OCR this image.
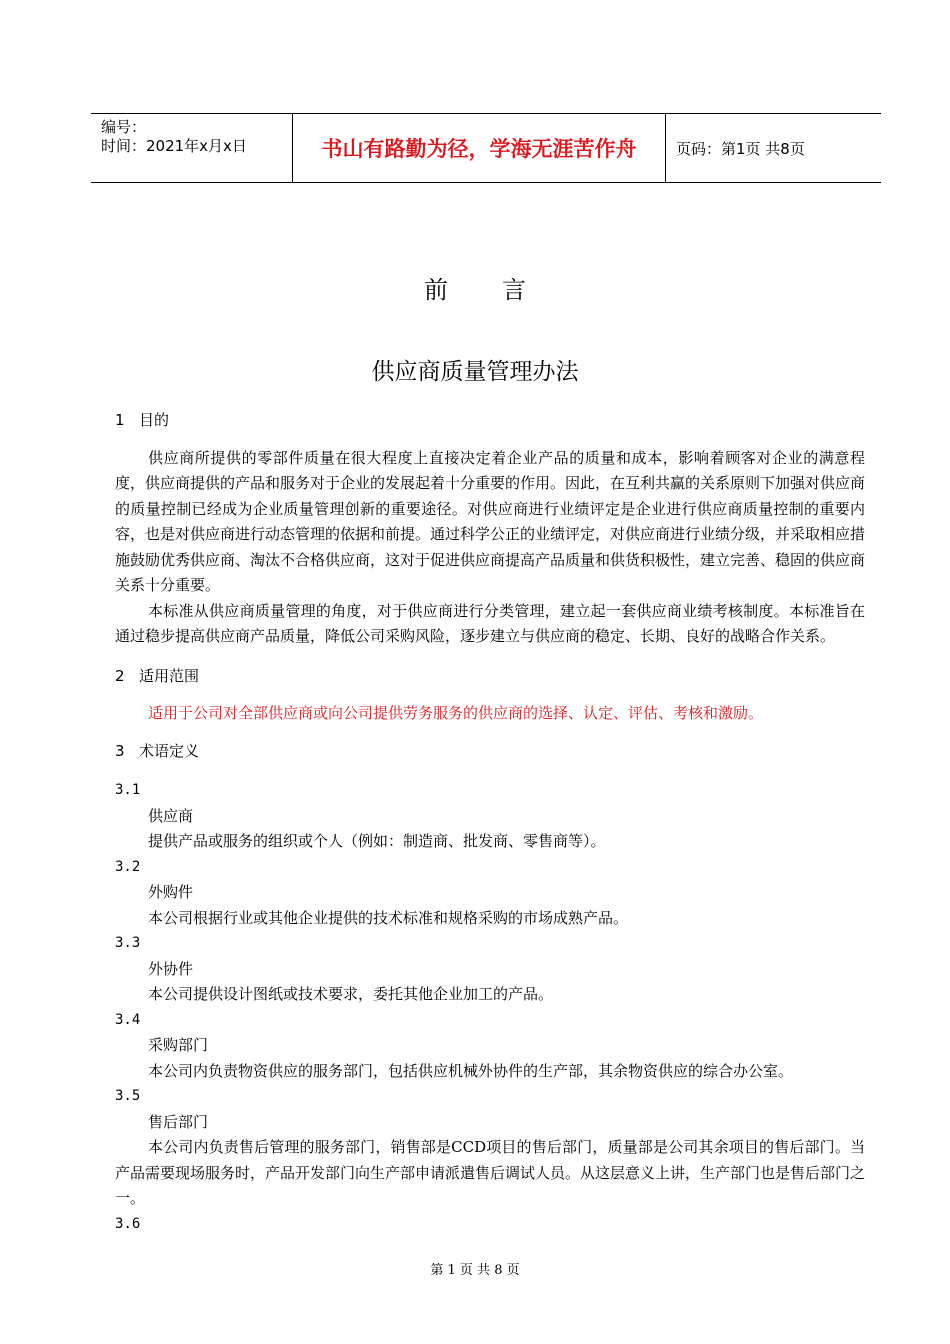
编号：
时间：2021年x月x日	书山有路勤为径，学海无涯苦作舟	页码：第1页 共8页
前言
供应商质量管理办法
1 目的

供应商所提供的零部件质量在很大程度上直接决定着企业产品的质量和成本，影响着顾客对企业的满意程度，供应商提供的产品和服务对于企业的发展起着十分重要的作用。因此，在互利共赢的关系原则下加强对供应商的质量控制已经成为企业质量管理创新的重要途径。对供应商进行业绩评定是企业进行供应商质量控制的重要内容，也是对供应商进行动态管理的依据和前提。通过科学公正的业绩评定，对供应商进行业绩分级，并采取相应措施鼓励优秀供应商、淘汰不合格供应商，这对于促进供应商提高产品质量和供货积极性，建立完善、稳固的供应商关系十分重要。

本标准从供应商质量管理的角度，对于供应商进行分类管理，建立起一套供应商业绩考核制度。本标准旨在通过稳步提高供应商产品质量，降低公司采购风险，逐步建立与供应商的稳定、长期、良好的战略合作关系。

2 适用范围

适用于公司对全部供应商或向公司提供劳务服务的供应商的选择、认定、评估、考核和激励。

3 术语定义

3.1

供应商

提供产品或服务的组织或个人（例如：制造商、批发商、零售商等）。

3.2

外购件

本公司根据行业或其他企业提供的技术标准和规格采购的市场成熟产品。

3.3

外协件

本公司提供设计图纸或技术要求，委托其他企业加工的产品。

3.4

采购部门

本公司内负责物资供应的服务部门，包括供应机械外协件的生产部，其余物资供应的综合办公室。

3.5

售后部门

本公司内负责售后管理的服务部门，销售部是CCD项目的售后部门，质量部是公司其余项目的售后部门。当产品需要现场服务时，产品开发部门向生产部申请派遣售后调试人员。从这层意义上讲，生产部门也是售后部门之一。

3.6

第 1 页 共 8 页
